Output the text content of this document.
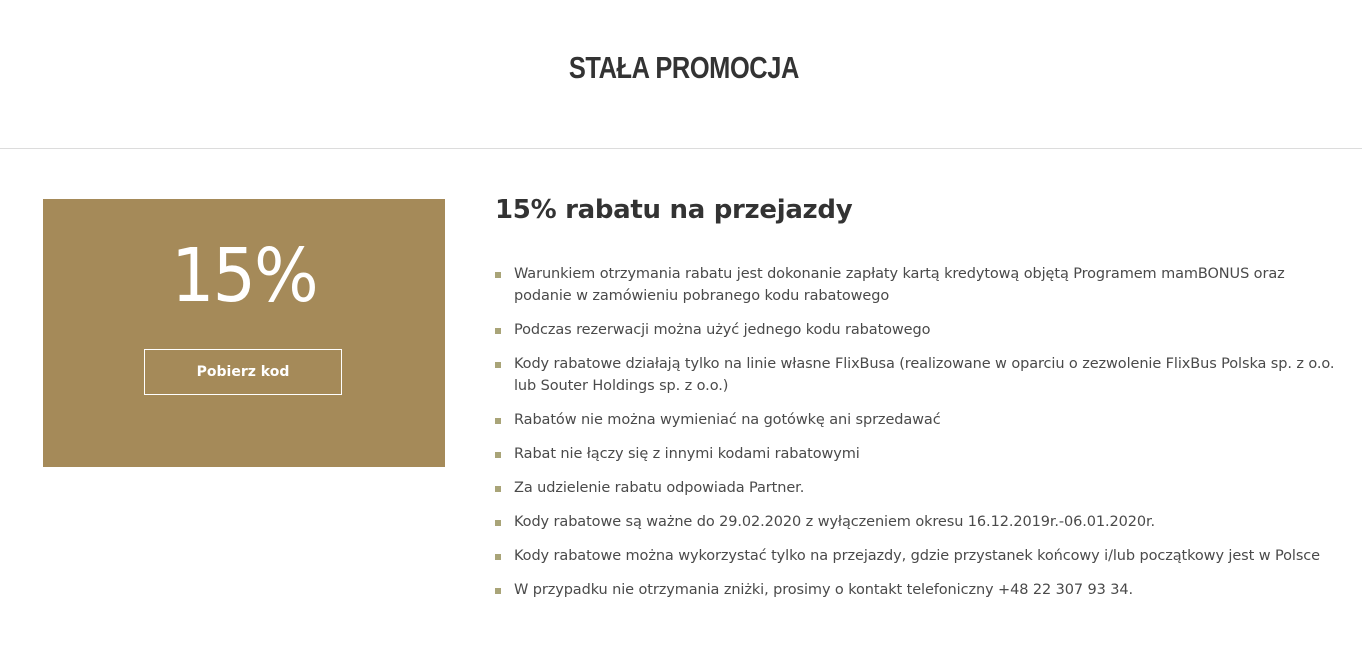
STAŁA PROMOCJA
15%
Pobierz kod
15% rabatu na przejazdy
Warunkiem otrzymania rabatu jest dokonanie zapłaty kartą kredytową objętą Programem mamBONUS oraz podanie w zamówieniu pobranego kodu rabatowego
Podczas rezerwacji można użyć jednego kodu rabatowego
Kody rabatowe działają tylko na linie własne FlixBusa (realizowane w oparciu o zezwolenie FlixBus Polska sp. z o.o. lub Souter Holdings sp. z o.o.)
Rabatów nie można wymieniać na gotówkę ani sprzedawać
Rabat nie łączy się z innymi kodami rabatowymi
Za udzielenie rabatu odpowiada Partner.
Kody rabatowe są ważne do 29.02.2020 z wyłączeniem okresu 16.12.2019r.-06.01.2020r.
Kody rabatowe można wykorzystać tylko na przejazdy, gdzie przystanek końcowy i/lub początkowy jest w Polsce
W przypadku nie otrzymania zniżki, prosimy o kontakt telefoniczny +48 22 307 93 34.
